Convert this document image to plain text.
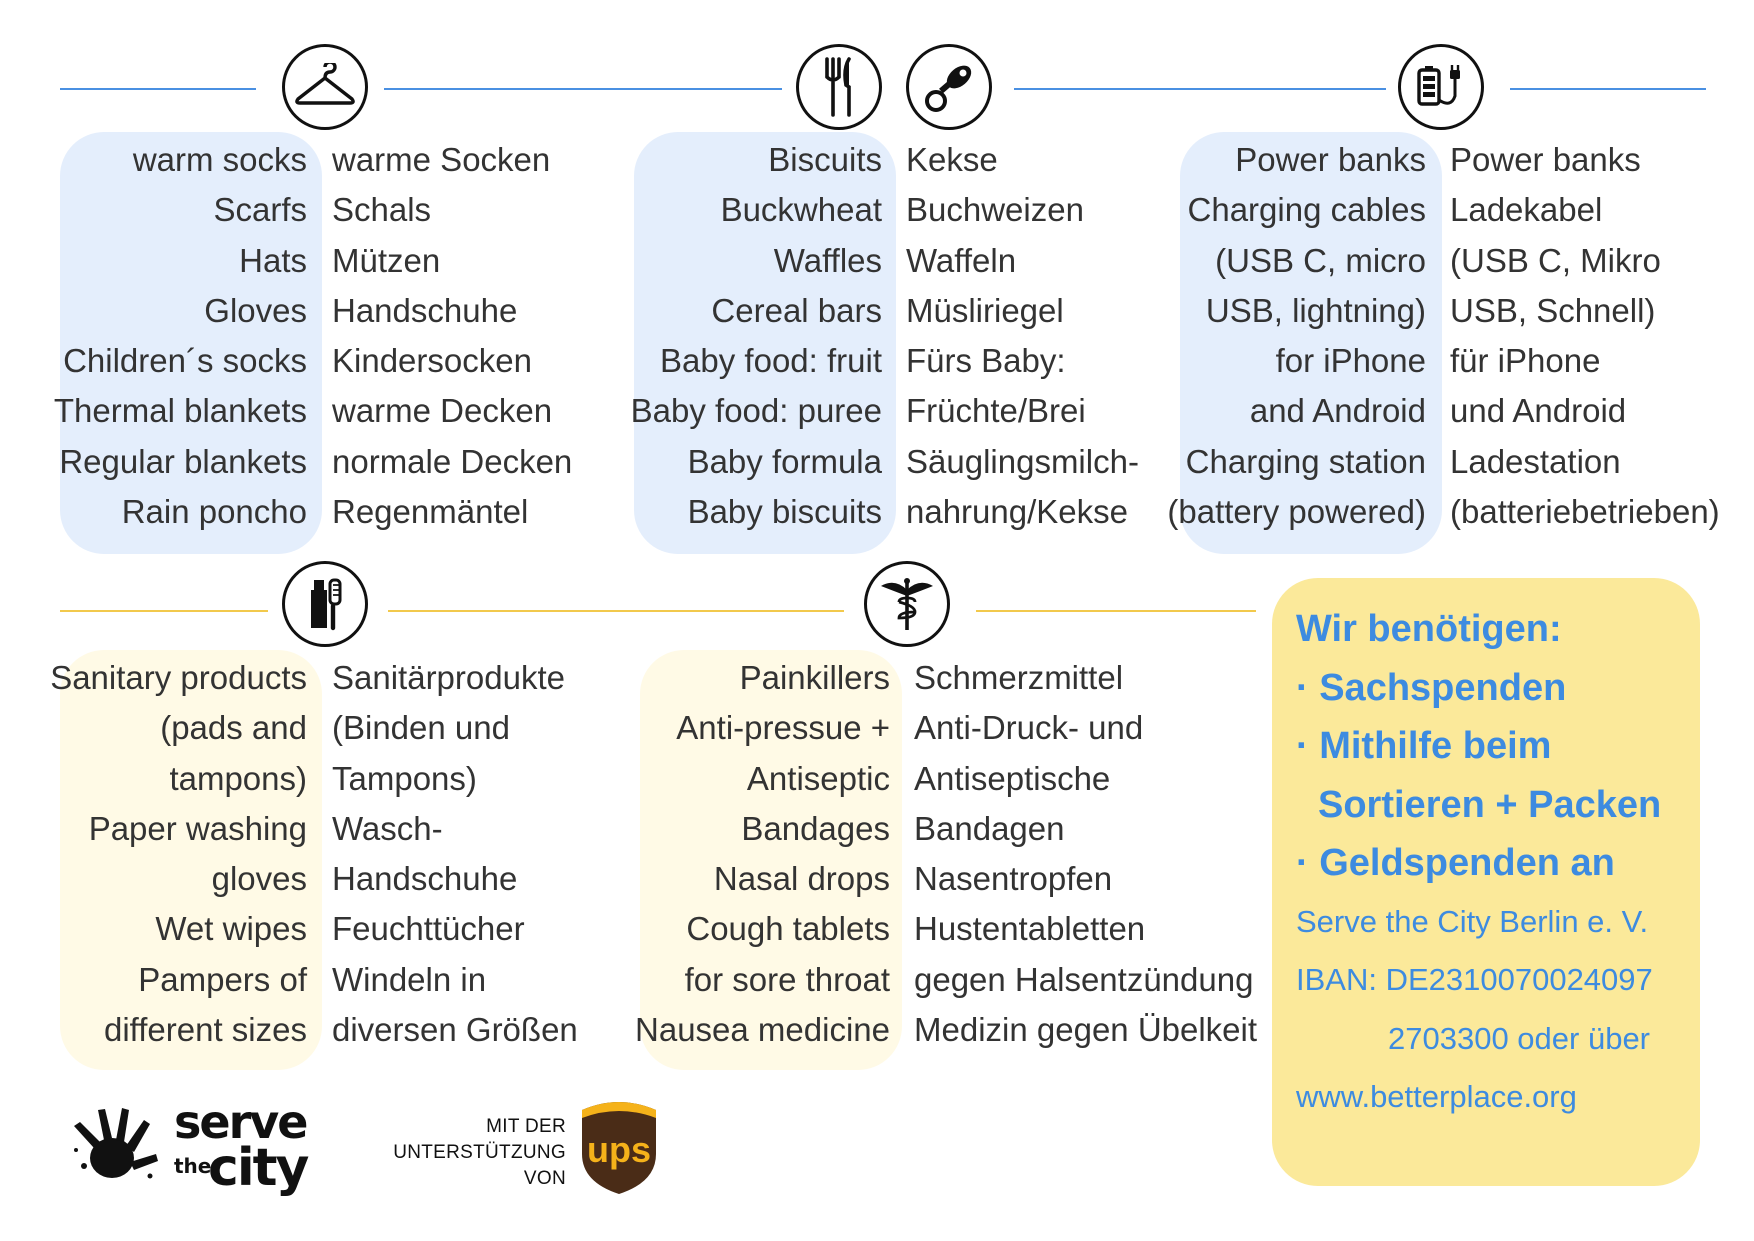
warm socks
Scarfs
Hats
Gloves
Children´s socks
Thermal blankets
Regular blankets
Rain poncho
warme Socken
Schals
Mützen
Handschuhe
Kindersocken
warme Decken
normale Decken
Regenmäntel
Biscuits
Buckwheat
Waffles
Cereal bars
Baby food: fruit
Baby food: puree
Baby formula
Baby biscuits
Kekse
Buchweizen
Waffeln
Müsliriegel
Fürs Baby:
Früchte/Brei
Säuglingsmilch-
nahrung/Kekse
Power banks
Charging cables
(USB C, micro
USB, lightning)
for iPhone
and Android
Charging station
(battery powered)
Power banks
Ladekabel
(USB C, Mikro
USB, Schnell)
für iPhone
und Android
Ladestation
(batteriebetrieben)
Sanitary products
(pads and
tampons)
Paper washing
gloves
Wet wipes
Pampers of
different sizes
Sanitärprodukte
(Binden und
Tampons)
Wasch-
Handschuhe
Feuchttücher
Windeln in
diversen Größen
Painkillers
Anti-pressue +
Antiseptic
Bandages
Nasal drops
Cough tablets
for sore throat
Nausea medicine
Schmerzmittel
Anti-Druck- und
Antiseptische
Bandagen
Nasentropfen
Hustentabletten
gegen Halsentzündung
Medizin gegen Übelkeit
Wir benötigen:
· Sachspenden
· Mithilfe beim
Sortieren + Packen
· Geldspenden an
Serve the City Berlin e. V.
IBAN: DE2310070024097
2703300 oder über
www.betterplace.org
serve
the
city
MIT DER
UNTERSTÜTZUNG
VON
ups
